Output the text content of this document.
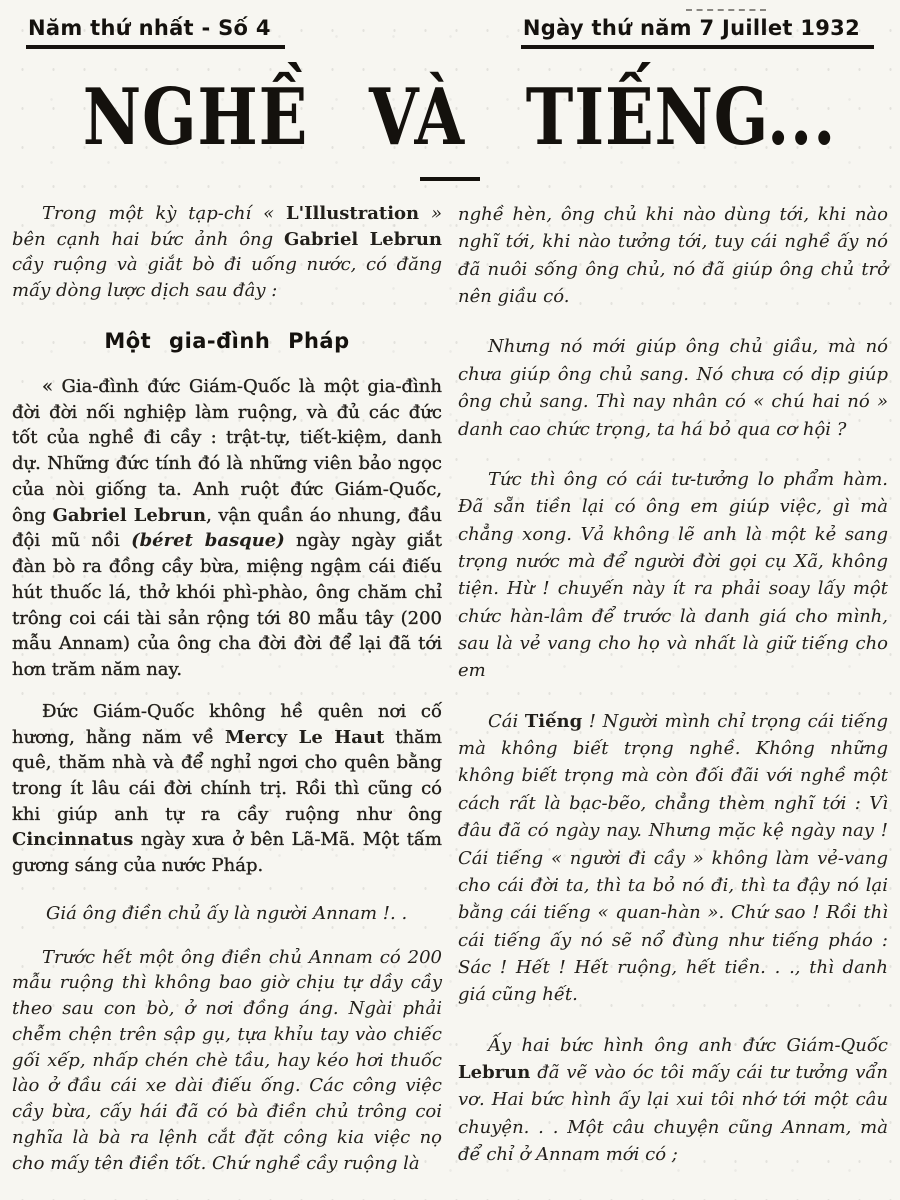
Năm thứ nhất - Số 4	Ngày thứ năm 7 Juillet 1932
NGHỀ VÀ TIẾNG...

Trong một kỳ tạp-chí « L'Illustration » bên cạnh hai bức ảnh ông Gabriel Lebrun cầy ruộng và giắt bò đi uống nước, có đăng mấy dòng lược dịch sau đây :

Một gia-đình Pháp

« Gia-đình đức Giám-Quốc là một gia-đình đời đời nối nghiệp làm ruộng, và đủ các đức tốt của nghề đi cầy : trật-tự, tiết-kiệm, danh dự. Những đức tính đó là những viên bảo ngọc của nòi giống ta. Anh ruột đức Giám-Quốc, ông Gabriel Lebrun, vận quần áo nhung, đầu đội mũ nồi (béret basque) ngày ngày giắt đàn bò ra đồng cầy bừa, miệng ngậm cái điếu hút thuốc lá, thở khói phì-phào, ông chăm chỉ trông coi cái tài sản rộng tới 80 mẫu tây (200 mẫu Annam) của ông cha đời đời để lại đã tới hơn trăm năm nay.

Đức Giám-Quốc không hề quên nơi cố hương, hằng năm về Mercy Le Haut thăm quê, thăm nhà và để nghỉ ngơi cho quên bằng trong ít lâu cái đời chính trị. Rồi thì cũng có khi giúp anh tự ra cầy ruộng như ông Cincinnatus ngày xưa ở bên Lã-Mã. Một tấm gương sáng của nước Pháp.

Giá ông điền chủ ấy là người Annam !. .

Trước hết một ông điền chủ Annam có 200 mẫu ruộng thì không bao giờ chịu tự dầy cầy theo sau con bò, ở nơi đồng áng. Ngài phải chễm chện trên sập gụ, tựa khỉu tay vào chiếc gối xếp, nhấp chén chè tầu, hay kéo hơi thuốc lào ở đầu cái xe dài điếu ống. Các công việc cầy bừa, cấy hái đã có bà điền chủ trông coi nghĩa là bà ra lệnh cắt đặt công kia việc nọ cho mấy tên điền tốt. Chứ nghề cầy ruộng là

nghề hèn, ông chủ khi nào dùng tới, khi nào nghĩ tới, khi nào tưởng tới, tuy cái nghề ấy nó đã nuôi sống ông chủ, nó đã giúp ông chủ trở nên giầu có.

Nhưng nó mới giúp ông chủ giầu, mà nó chưa giúp ông chủ sang. Nó chưa có dịp giúp ông chủ sang. Thì nay nhân có « chú hai nó » danh cao chức trọng, ta há bỏ qua cơ hội ?

Tức thì ông có cái tư-tưởng lo phẩm hàm. Đã sẵn tiền lại có ông em giúp việc, gì mà chẳng xong. Vả không lẽ anh là một kẻ sang trọng nước mà để người đời gọi cụ Xã, không tiện. Hừ ! chuyến này ít ra phải soay lấy một chức hàn-lâm để trước là danh giá cho mình, sau là vẻ vang cho họ và nhất là giữ tiếng cho em

Cái Tiếng ! Người mình chỉ trọng cái tiếng mà không biết trọng nghề. Không những không biết trọng mà còn đối đãi với nghề một cách rất là bạc-bẽo, chẳng thèm nghĩ tới : Vì đâu đã có ngày nay. Nhưng mặc kệ ngày nay ! Cái tiếng « người đi cầy » không làm vẻ-vang cho cái đời ta, thì ta bỏ nó đi, thì ta đậy nó lại bằng cái tiếng « quan-hàn ». Chứ sao ! Rồi thì cái tiếng ấy nó sẽ nổ đùng như tiếng pháo : Sác ! Hết ! Hết ruộng, hết tiền. . ., thì danh giá cũng hết.

Ấy hai bức hình ông anh đức Giám-Quốc Lebrun đã vẽ vào óc tôi mấy cái tư tưởng vẩn vơ. Hai bức hình ấy lại xui tôi nhớ tới một câu chuyện. . . Một câu chuyện cũng Annam, mà để chỉ ở Annam mới có ;
